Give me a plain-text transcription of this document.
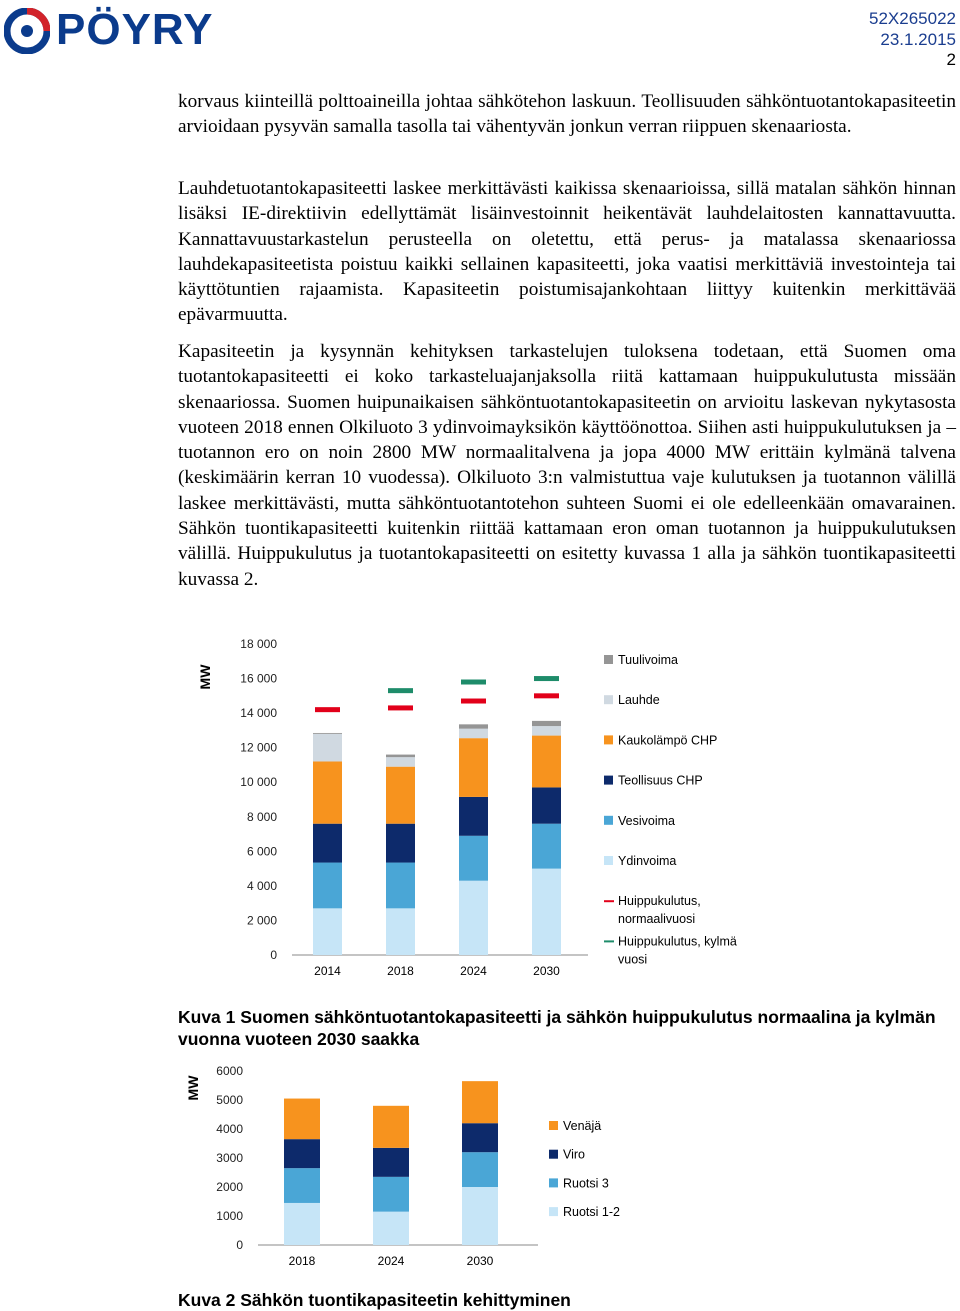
PÖYRY	52X265022
23.1.2015
2

korvaus kiinteillä polttoaineilla johtaa sähkötehon laskuun. Teollisuuden sähköntuotantokapasiteetin arvioidaan pysyvän samalla tasolla tai vähentyvän jonkun verran riippuen skenaariosta.

Lauhdetuotantokapasiteetti laskee merkittävästi kaikissa skenaarioissa, sillä matalan sähkön hinnan lisäksi IE-direktiivin edellyttämät lisäinvestoinnit heikentävät lauhdelaitosten kannattavuutta. Kannattavuustarkastelun perusteella on oletettu, että perus- ja matalassa skenaariossa lauhdekapasiteetista poistuu kaikki sellainen kapasiteetti, joka vaatisi merkittäviä investointeja tai käyttötuntien rajaamista. Kapasiteetin poistumisajankohtaan liittyy kuitenkin merkittävää epävarmuutta.

Kapasiteetin ja kysynnän kehityksen tarkastelujen tuloksena todetaan, että Suomen oma tuotantokapasiteetti ei koko tarkasteluajanjaksolla riitä kattamaan huippukulutusta missään skenaariossa. Suomen huipunaikaisen sähköntuotantokapasiteetin on arvioitu laskevan nykytasosta vuoteen 2018 ennen Olkiluoto 3 ydinvoimayksikön käyttöönottoa. Siihen asti huippukulutuksen ja –tuotannon ero on noin 2800 MW normaalitalvena ja jopa 4000 MW erittäin kylmänä talvena (keskimäärin kerran 10 vuodessa). Olkiluoto 3:n valmistuttua vaje kulutuksen ja tuotannon välillä laskee merkittävästi, mutta sähköntuotantotehon suhteen Suomi ei ole edelleenkään omavarainen. Sähkön tuontikapasiteetti kuitenkin riittää kattamaan eron oman tuotannon ja huippukulutuksen välillä. Huippukulutus ja tuotantokapasiteetti on esitetty kuvassa 1 alla ja sähkön tuontikapasiteetti kuvassa 2.

MW
0
2 000
4 000
6 000
8 000
10 000
12 000
14 000
16 000
18 000
2014	2018	2024	2030
Tuulivoima
Lauhde
Kaukolämpö CHP
Teollisuus CHP
Vesivoima
Ydinvoima
Huippukulutus,
normaalivuosi
Huippukulutus, kylmä
vuosi

Kuva 1 Suomen sähköntuotantokapasiteetti ja sähkön huippukulutus normaalina ja kylmän vuonna vuoteen 2030 saakka

MW
0
1000
2000
3000
4000
5000
6000
2018	2024	2030
Venäjä
Viro
Ruotsi 3
Ruotsi 1-2

Kuva 2 Sähkön tuontikapasiteetin kehittyminen
